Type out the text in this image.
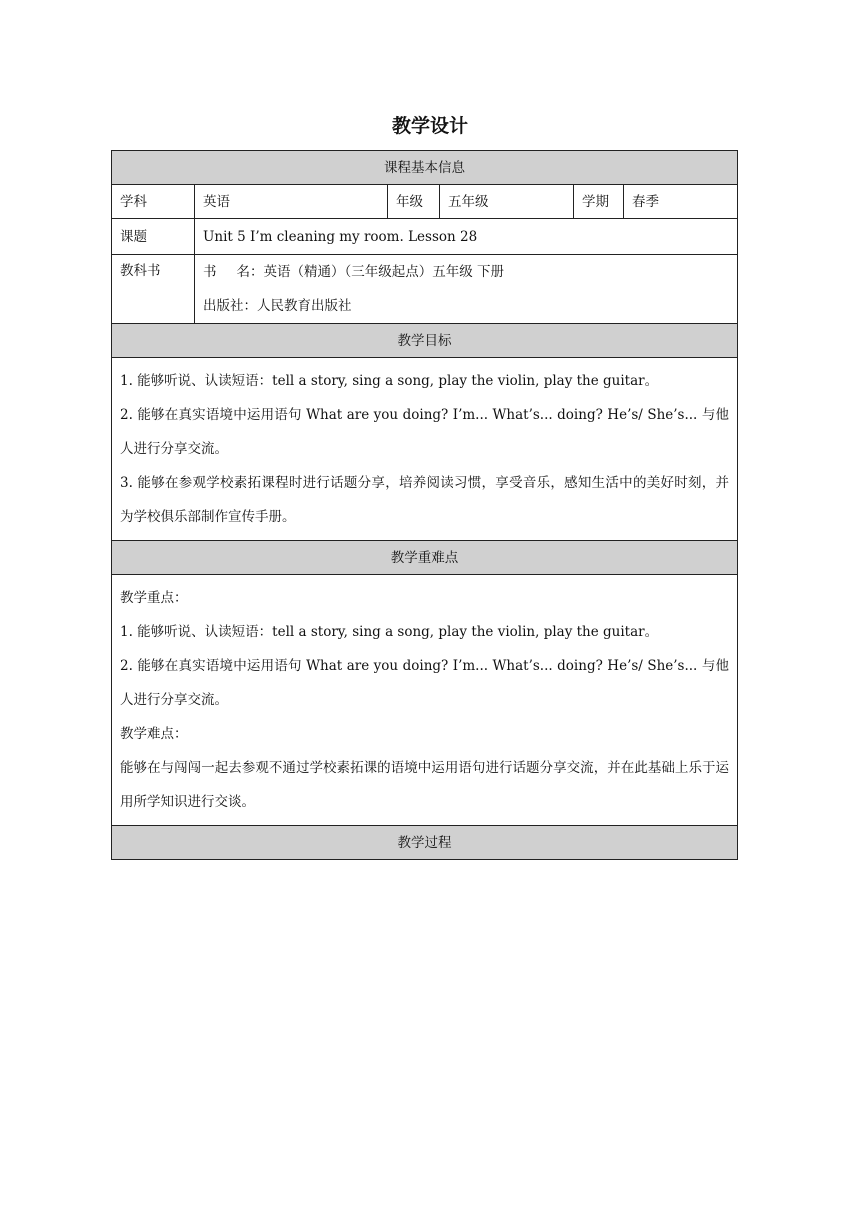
教学设计
课程基本信息					
学科	英语	年级	五年级	学期	春季
课题	Unit 5 I’m cleaning my room. Lesson 28				
教科书	书 名：英语（精通）（三年级起点）五年级 下册
出版社：人民教育出版社				

教学目标					

1. 能够听说、认读短语：tell a story, sing a song, play the violin, play the guitar。

2. 能够在真实语境中运用语句 What are you doing? I’m... What’s... doing? He’s/ She’s... 与他人进行分享交流。

3. 能够在参观学校素拓课程时进行话题分享，培养阅读习惯，享受音乐，感知生活中的美好时刻，并为学校俱乐部制作宣传手册。					

教学重难点					

教学重点：

1. 能够听说、认读短语：tell a story, sing a song, play the violin, play the guitar。

2. 能够在真实语境中运用语句 What are you doing? I’m... What’s... doing? He’s/ She’s... 与他人进行分享交流。

教学难点：

能够在与闯闯一起去参观不通过学校素拓课的语境中运用语句进行话题分享交流，并在此基础上乐于运用所学知识进行交谈。					

教学过程					
